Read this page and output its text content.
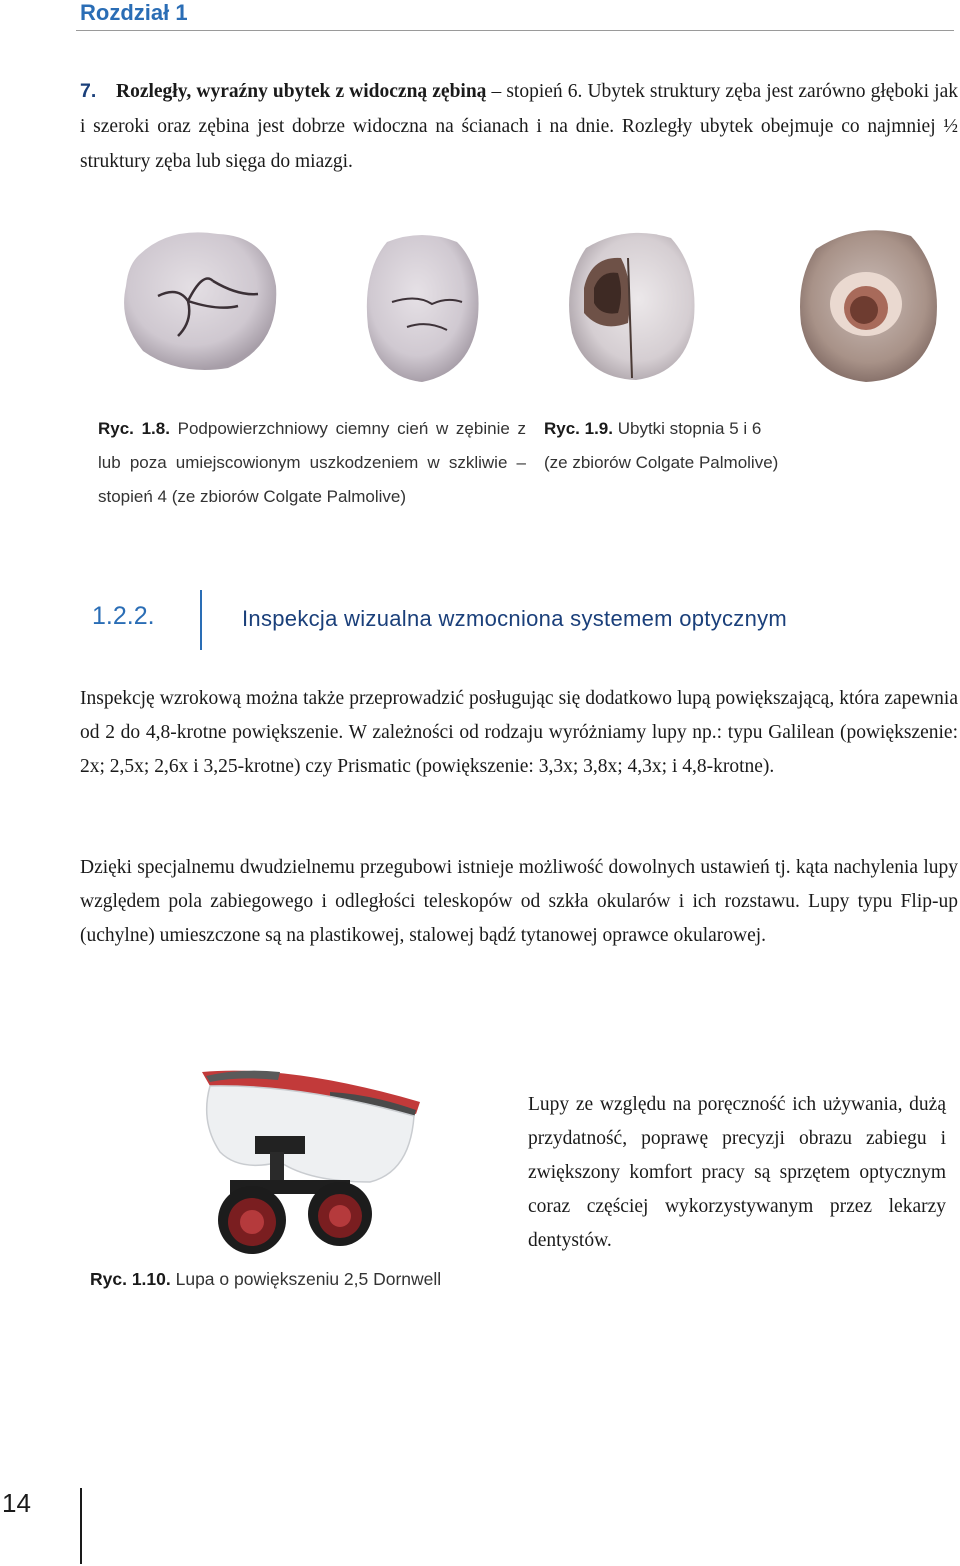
Rozdział 1
7.	Rozległy, wyraźny ubytek z widoczną zębiną – stopień 6. Ubytek struktury zęba jest zarówno głęboki jak i szeroki oraz zębina jest dobrze widoczna na ścianach i na dnie. Rozległy ubytek obejmuje co najmniej ½ struktury zęba lub sięga do miazgi.

Ryc. 1.8. Podpowierzchniowy ciemny cień w zębinie z lub poza umiejscowionym uszkodzeniem w szkliwie – stopień 4 (ze zbiorów Colgate Palmolive)
Ryc. 1.9. Ubytki stopnia 5 i 6
(ze zbiorów Colgate Palmolive)
1.2.2.	Inspekcja wizualna wzmocniona systemem optycznym

Inspekcję wzrokową można także przeprowadzić posługując się dodatkowo lupą powiększającą, która zapewnia od 2 do 4,8-krotne powiększenie. W zależności od rodzaju wyróżniamy lupy np.: typu Galilean (powiększenie: 2x; 2,5x; 2,6x i 3,25-krotne) czy Prismatic (powiększenie: 3,3x; 3,8x; 4,3x; i 4,8-krotne).

Dzięki specjalnemu dwudzielnemu przegubowi istnieje możliwość dowolnych ustawień tj. kąta nachylenia lupy względem pola zabiegowego i odległości teleskopów od szkła okularów i ich rozstawu. Lupy typu Flip-up (uchylne) umieszczone są na plastikowej, stalowej bądź tytanowej oprawce okularowej.

Ryc. 1.10. Lupa o powiększeniu 2,5 Dornwell

Lupy ze względu na poręczność ich używania, dużą przydatność, poprawę precyzji obrazu zabiegu i zwiększony komfort pracy są sprzętem optycznym coraz częściej wykorzystywanym przez lekarzy dentystów.

14
